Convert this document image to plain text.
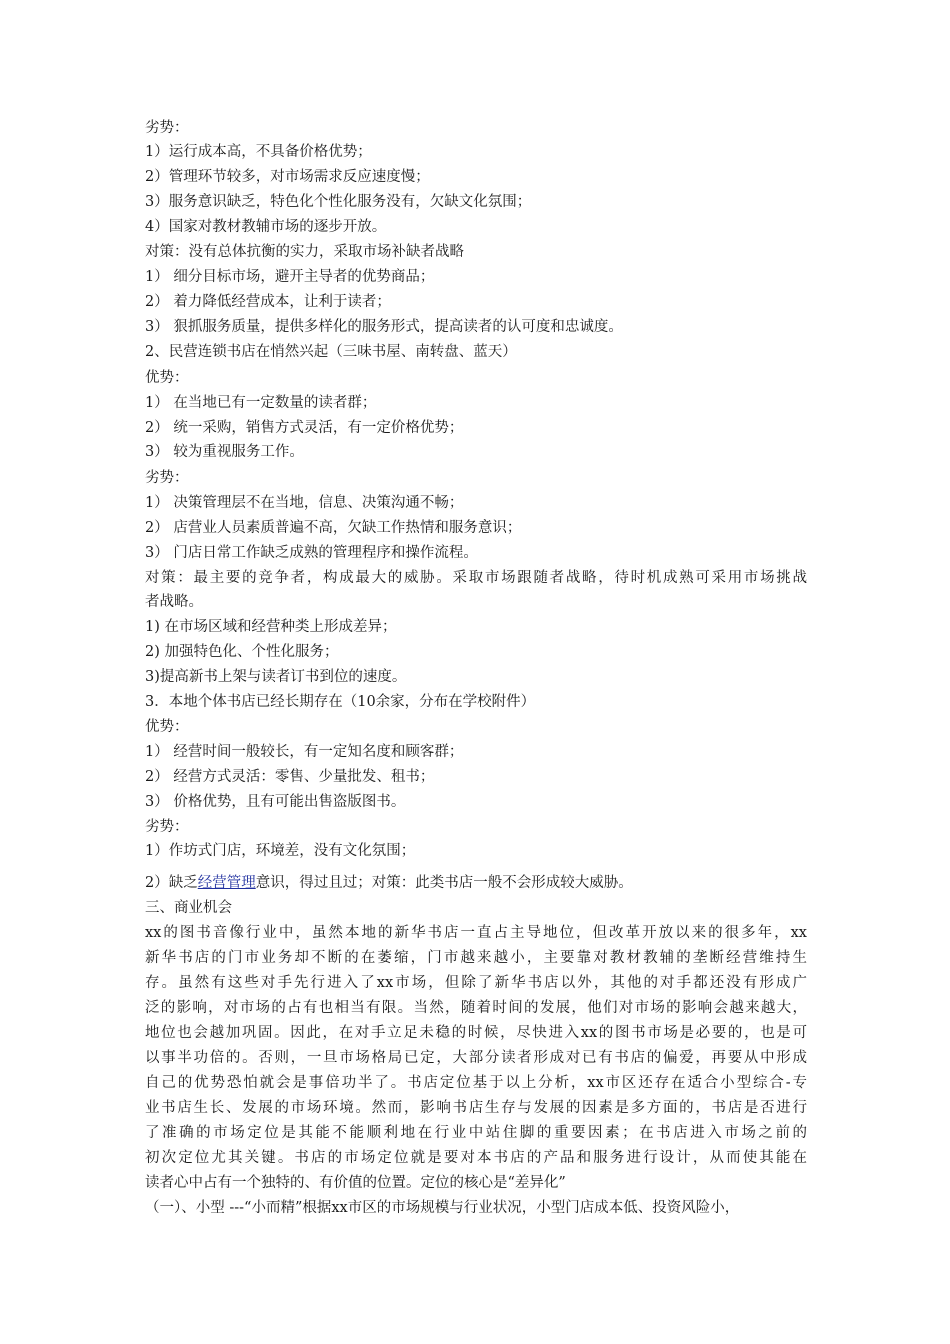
2）缺乏经营管理意识，得过且过；对策：此类书店一般不会形成较大威胁。
劣势：
1）运行成本高，不具备价格优势；
2）管理环节较多，对市场需求反应速度慢；
3）服务意识缺乏，特色化个性化服务没有，欠缺文化氛围；
4）国家对教材教辅市场的逐步开放。
对策：没有总体抗衡的实力，采取市场补缺者战略
1） 细分目标市场，避开主导者的优势商品；
2） 着力降低经营成本，让利于读者；
3） 狠抓服务质量，提供多样化的服务形式，提高读者的认可度和忠诚度。
2、民营连锁书店在悄然兴起（三味书屋、南转盘、蓝天）
优势：
1） 在当地已有一定数量的读者群；
2） 统一采购，销售方式灵活，有一定价格优势；
3） 较为重视服务工作。
劣势：
1） 决策管理层不在当地，信息、决策沟通不畅；
2） 店营业人员素质普遍不高，欠缺工作热情和服务意识；
3） 门店日常工作缺乏成熟的管理程序和操作流程。
对策：最主要的竞争者，构成最大的威胁。采取市场跟随者战略，待时机成熟可采用市场挑战
者战略。
1) 在市场区域和经营种类上形成差异；
2) 加强特色化、个性化服务；
3)提高新书上架与读者订书到位的速度。
3．本地个体书店已经长期存在（10余家，分布在学校附件）
优势：
1） 经营时间一般较长，有一定知名度和顾客群；
2） 经营方式灵活：零售、少量批发、租书；
3） 价格优势，且有可能出售盗版图书。
劣势：
1）作坊式门店，环境差，没有文化氛围；
三、商业机会
xx的图书音像行业中，虽然本地的新华书店一直占主导地位，但改革开放以来的很多年，xx
新华书店的门市业务却不断的在萎缩，门市越来越小，主要靠对教材教辅的垄断经营维持生
存。虽然有这些对手先行进入了xx市场，但除了新华书店以外，其他的对手都还没有形成广
泛的影响，对市场的占有也相当有限。当然，随着时间的发展，他们对市场的影响会越来越大，
地位也会越加巩固。因此，在对手立足未稳的时候，尽快进入xx的图书市场是必要的，也是可
以事半功倍的。否则，一旦市场格局已定，大部分读者形成对已有书店的偏爱，再要从中形成
自己的优势恐怕就会是事倍功半了。书店定位基于以上分析，xx市区还存在适合小型综合-专
业书店生长、发展的市场环境。然而，影响书店生存与发展的因素是多方面的，书店是否进行
了准确的市场定位是其能不能顺利地在行业中站住脚的重要因素；在书店进入市场之前的
初次定位尤其关键。书店的市场定位就是要对本书店的产品和服务进行设计，从而使其能在
读者心中占有一个独特的、有价值的位置。定位的核心是“差异化”
（一）、小型 ---“小而精”根据xx市区的市场规模与行业状况，小型门店成本低、投资风险小，
